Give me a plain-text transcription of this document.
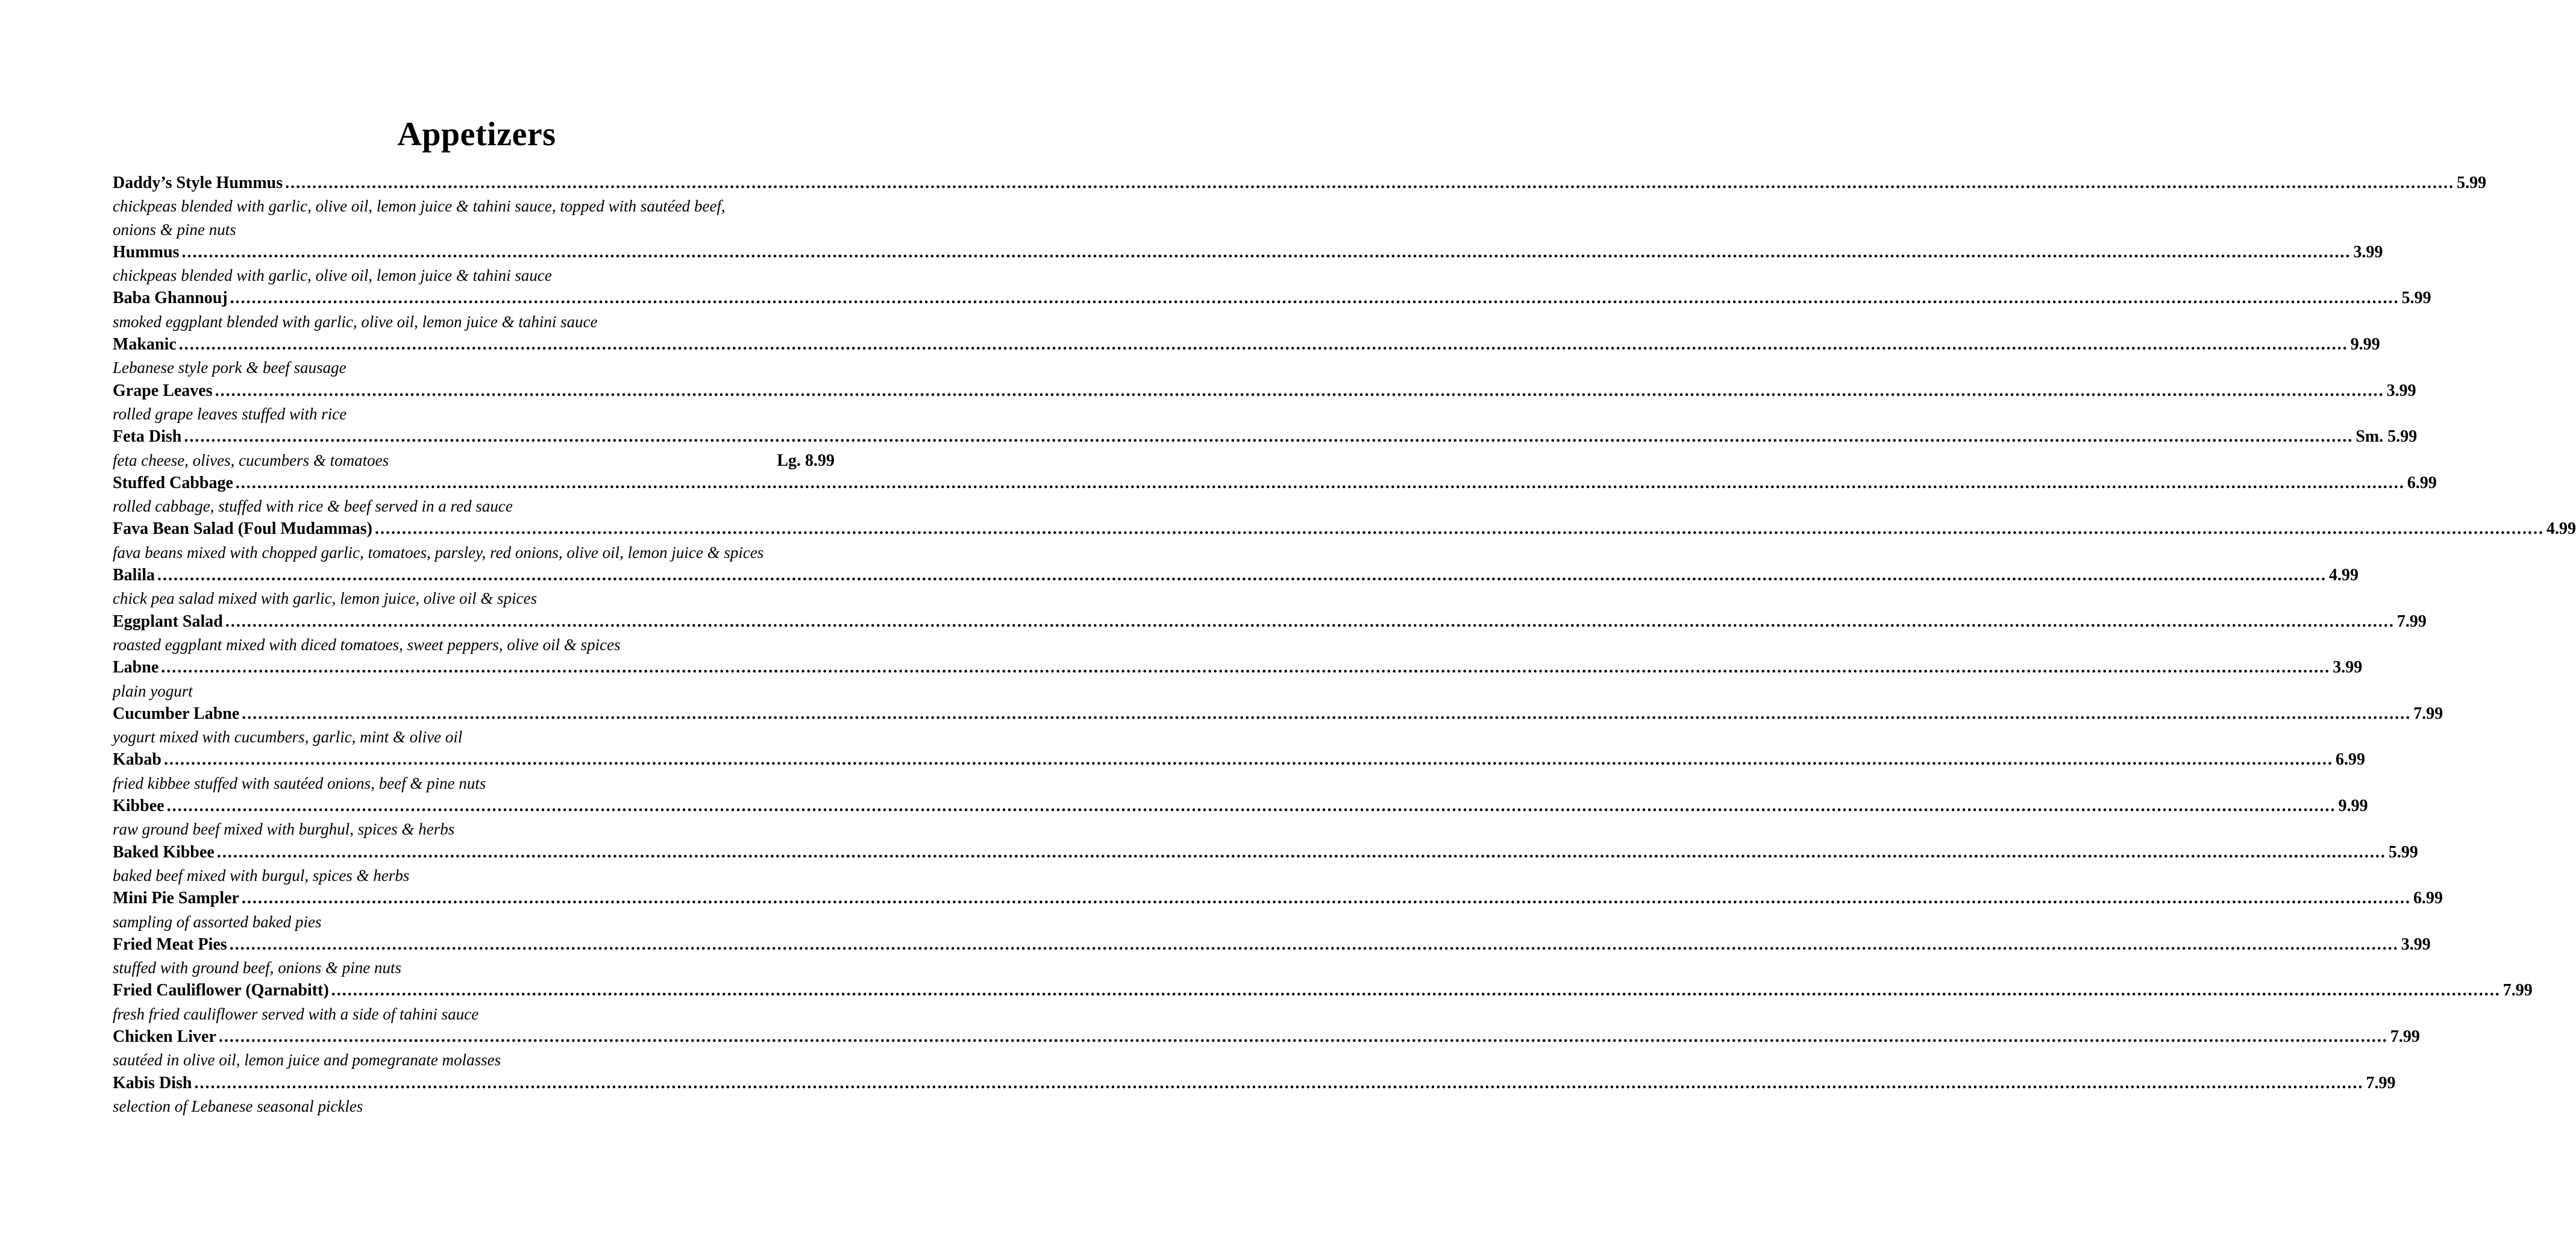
Appetizers
Daddy’s Style Hummus ................................................................................................................................................................................................................................................................................................................................................................................................................ 5.99
chickpeas blended with garlic, olive oil, lemon juice & tahini sauce, topped with sautéed beef,
onions & pine nuts
Hummus ................................................................................................................................................................................................................................................................................................................................................................................................................ 3.99
chickpeas blended with garlic, olive oil, lemon juice & tahini sauce
Baba Ghannouj ................................................................................................................................................................................................................................................................................................................................................................................................................ 5.99
smoked eggplant blended with garlic, olive oil, lemon juice & tahini sauce
Makanic ................................................................................................................................................................................................................................................................................................................................................................................................................ 9.99
Lebanese style pork & beef sausage
Grape Leaves ................................................................................................................................................................................................................................................................................................................................................................................................................ 3.99
rolled grape leaves stuffed with rice
Feta Dish ................................................................................................................................................................................................................................................................................................................................................................................................................ Sm. 5.99
feta cheese, olives, cucumbers & tomatoes	Lg. 8.99
Stuffed Cabbage ................................................................................................................................................................................................................................................................................................................................................................................................................ 6.99
rolled cabbage, stuffed with rice & beef served in a red sauce
Fava Bean Salad (Foul Mudammas) ................................................................................................................................................................................................................................................................................................................................................................................................................ 4.99
fava beans mixed with chopped garlic, tomatoes, parsley, red onions, olive oil, lemon juice & spices
Balila ................................................................................................................................................................................................................................................................................................................................................................................................................ 4.99
chick pea salad mixed with garlic, lemon juice, olive oil & spices
Eggplant Salad ................................................................................................................................................................................................................................................................................................................................................................................................................ 7.99
roasted eggplant mixed with diced tomatoes, sweet peppers, olive oil & spices
Labne ................................................................................................................................................................................................................................................................................................................................................................................................................ 3.99
plain yogurt
Cucumber Labne ................................................................................................................................................................................................................................................................................................................................................................................................................ 7.99
yogurt mixed with cucumbers, garlic, mint & olive oil
Kabab ................................................................................................................................................................................................................................................................................................................................................................................................................ 6.99
fried kibbee stuffed with sautéed onions, beef & pine nuts
Kibbee ................................................................................................................................................................................................................................................................................................................................................................................................................ 9.99
raw ground beef mixed with burghul, spices & herbs
Baked Kibbee ................................................................................................................................................................................................................................................................................................................................................................................................................ 5.99
baked beef mixed with burgul, spices & herbs
Mini Pie Sampler ................................................................................................................................................................................................................................................................................................................................................................................................................ 6.99
sampling of assorted baked pies
Fried Meat Pies ................................................................................................................................................................................................................................................................................................................................................................................................................ 3.99
stuffed with ground beef, onions & pine nuts
Fried Cauliflower (Qarnabitt) ................................................................................................................................................................................................................................................................................................................................................................................................................ 7.99
fresh fried cauliflower served with a side of tahini sauce
Chicken Liver ................................................................................................................................................................................................................................................................................................................................................................................................................ 7.99
sautéed in olive oil, lemon juice and pomegranate molasses
Kabis Dish ................................................................................................................................................................................................................................................................................................................................................................................................................ 7.99
selection of Lebanese seasonal pickles
